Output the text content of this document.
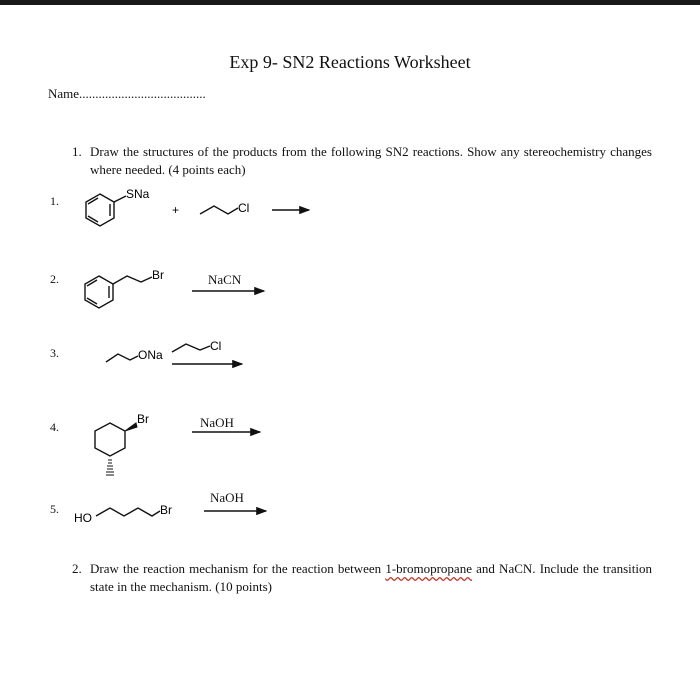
Exp 9- SN2 Reactions Worksheet
Name.......................................
1. Draw the structures of the products from the following SN2 reactions. Show any stereochemistry changes where needed. (4 points each)
1.
2.
3.
4.
5.
NaCN
NaOH
NaOH
SNa
+	Cl
Br
ONa
Cl
Br
HO
Br
2. Draw the reaction mechanism for the reaction between 1-bromopropane and NaCN. Include the transition state in the mechanism. (10 points)
